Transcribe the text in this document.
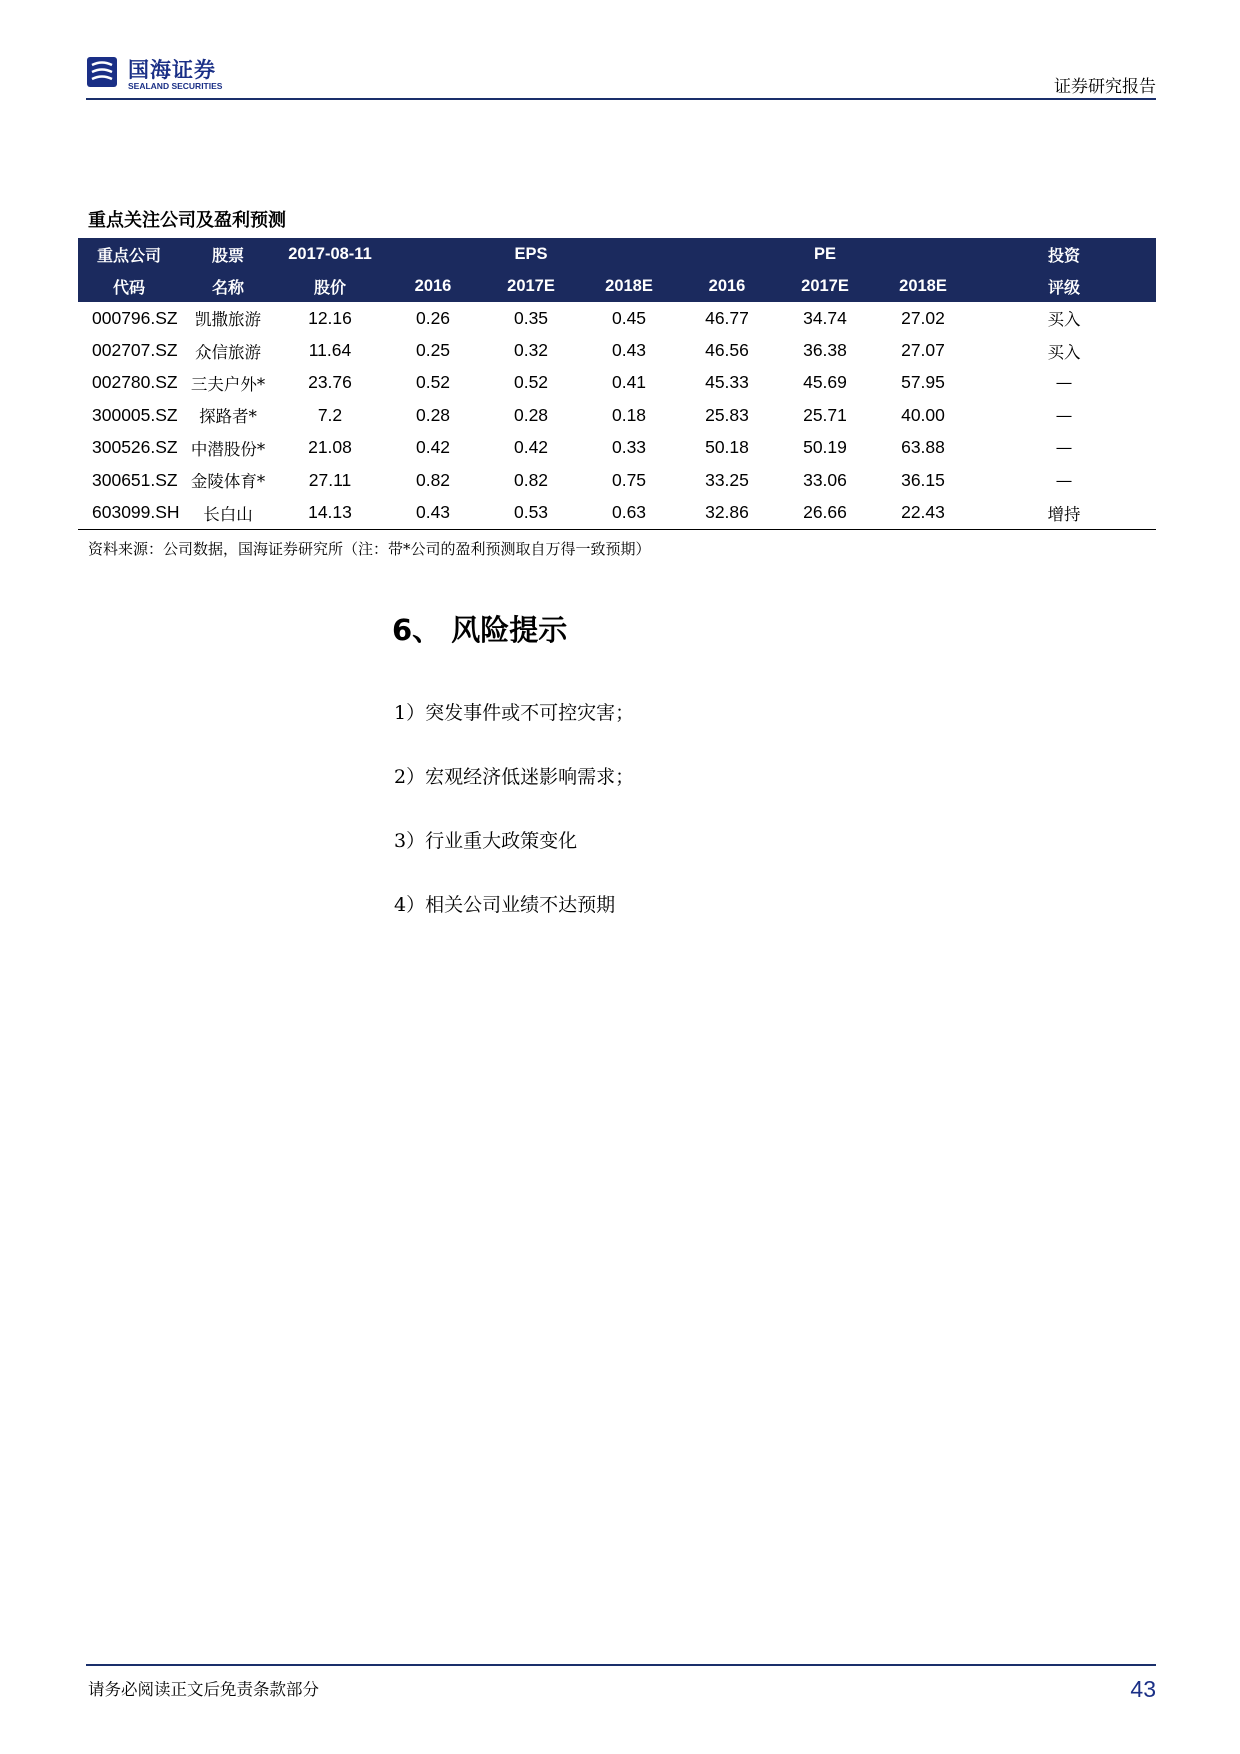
国海证券
SEALAND SECURITIES	证券研究报告
重点关注公司及盈利预测
重点公司	股票	2017-08-11		EPS			PE		投资
代码	名称	股价	2016	2017E	2018E	2016	2017E	2018E	评级
000796.SZ	凯撒旅游	12.16	0.26	0.35	0.45	46.77	34.74	27.02	买入
002707.SZ	众信旅游	11.64	0.25	0.32	0.43	46.56	36.38	27.07	买入
002780.SZ	三夫户外*	23.76	0.52	0.52	0.41	45.33	45.69	57.95	—
300005.SZ	探路者*	7.2	0.28	0.28	0.18	25.83	25.71	40.00	—
300526.SZ	中潜股份*	21.08	0.42	0.42	0.33	50.18	50.19	63.88	—
300651.SZ	金陵体育*	27.11	0.82	0.82	0.75	33.25	33.06	36.15	—
603099.SH	长白山	14.13	0.43	0.53	0.63	32.86	26.66	22.43	增持
资料来源：公司数据，国海证券研究所（注：带*公司的盈利预测取自万得一致预期）
6、 风险提示
1）突发事件或不可控灾害；
2）宏观经济低迷影响需求；
3）行业重大政策变化
4）相关公司业绩不达预期
请务必阅读正文后免责条款部分	43
